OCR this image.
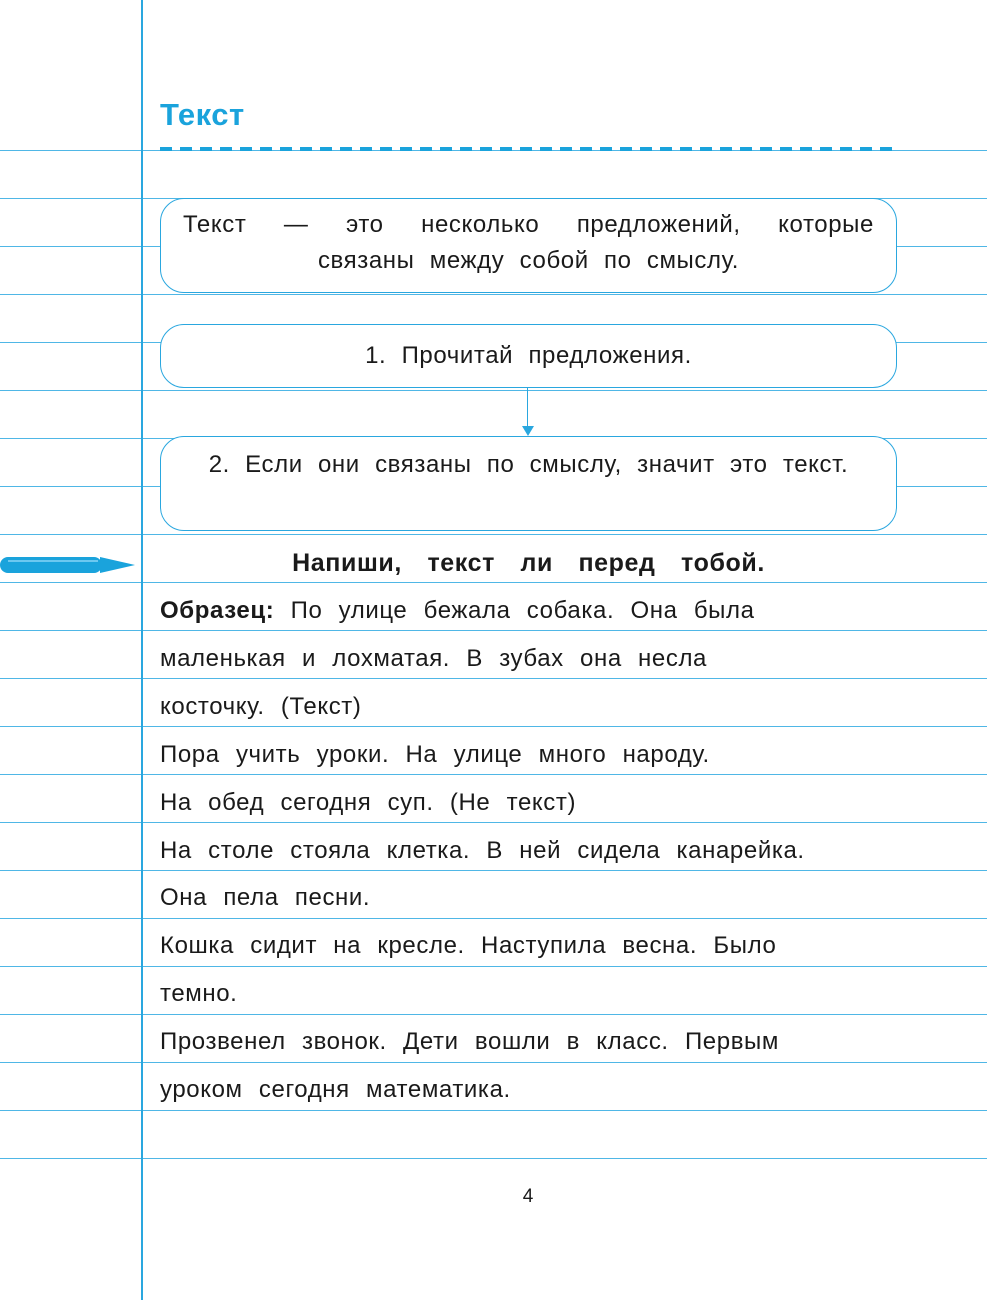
Текст
Текст — это несколько предложений, которые связаны между собой по смыслу.
1. Прочитай предложения.
2. Если они связаны по смыслу, значит это текст.
Напиши, текст ли перед тобой.

Образец: По улице бежала собака. Она была

маленькая и лохматая. В зубах она несла

косточку. (Текст)

Пора учить уроки. На улице много народу.

На обед сегодня суп. (Не текст)

На столе стояла клетка. В ней сидела канарейка.

Она пела песни.

Кошка сидит на кресле. Наступила весна. Было

темно.

Прозвенел звонок. Дети вошли в класс. Первым

уроком сегодня математика.

4
